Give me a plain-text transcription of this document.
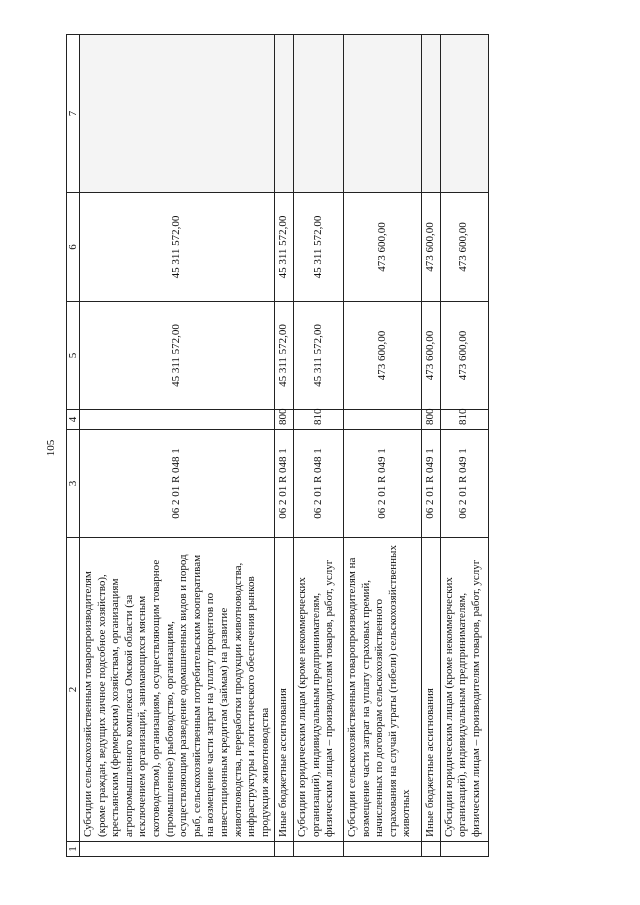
105
1	2	3	4	5	6	7
	Субсидии сельскохозяйственным товаропроизводителям (кроме граждан, ведущих личное подсобное хозяйство), крестьянским (фермерским) хозяйствам, организациям агропромышленного комплекса Омской области (за исключением организаций, занимающихся мясным скотоводством), организациям, осуществляющим товарное (промышленное) рыбоводство, организациям, осуществляющим разведение одомашненных видов и пород рыб, сельскохозяйственным потребительским кооперативам на возмещение части затрат на уплату процентов по инвестиционным кредитам (займам) на развитие животноводства, переработки продукции животноводства, инфраструктуры и логистического обеспечения рынков продукции животноводства	06 2 01 R 048 1		45 311 572,00	45 311 572,00	
	Иные бюджетные ассигнования	06 2 01 R 048 1	800	45 311 572,00	45 311 572,00	
	Субсидии юридическим лицам (кроме некоммерческих организаций), индивидуальным предпринимателям, физическим лицам – производителям товаров, работ, услуг	06 2 01 R 048 1	810	45 311 572,00	45 311 572,00	
	Субсидии сельскохозяйственным товаропроизводителям на возмещение части затрат на уплату страховых премий, начисленных по договорам сельскохозяйственного страхования на случай утраты (гибели) сельскохозяйственных животных	06 2 01 R 049 1		473 600,00	473 600,00	
	Иные бюджетные ассигнования	06 2 01 R 049 1	800	473 600,00	473 600,00	
	Субсидии юридическим лицам (кроме некоммерческих организаций), индивидуальным предпринимателям, физическим лицам – производителям товаров, работ, услуг	06 2 01 R 049 1	810	473 600,00	473 600,00	
